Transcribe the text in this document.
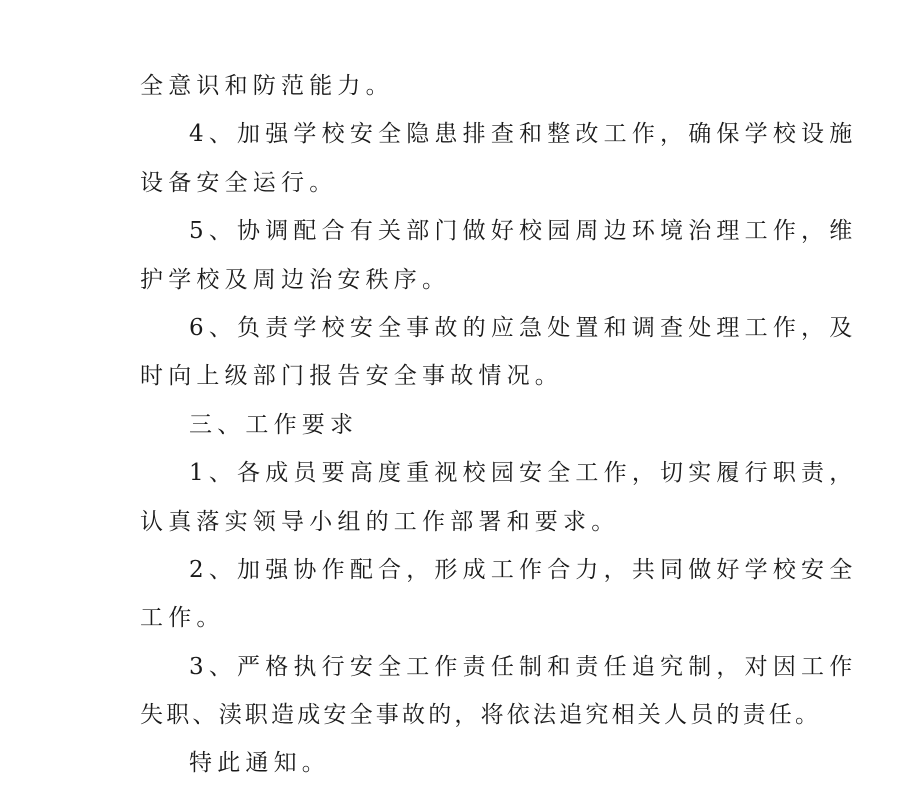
全意识和防范能力。
4、加强学校安全隐患排查和整改工作，确保学校设施
设备安全运行。
5、协调配合有关部门做好校园周边环境治理工作，维
护学校及周边治安秩序。
6、负责学校安全事故的应急处置和调查处理工作，及
时向上级部门报告安全事故情况。
三、工作要求
1、各成员要高度重视校园安全工作，切实履行职责，
认真落实领导小组的工作部署和要求。
2、加强协作配合，形成工作合力，共同做好学校安全
工作。
3、严格执行安全工作责任制和责任追究制，对因工作
失职、渎职造成安全事故的，将依法追究相关人员的责任。
特此通知。
